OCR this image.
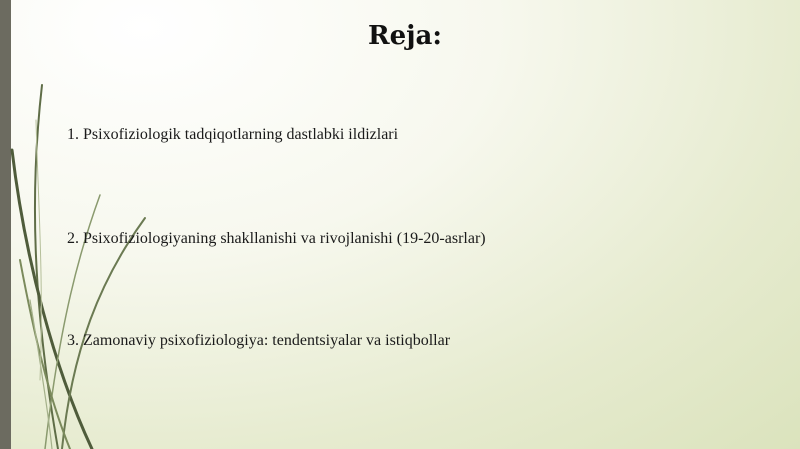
Reja:
1. Psixofiziologik tadqiqotlarning dastlabki ildizlari
2. Psixofiziologiyaning shakllanishi va rivojlanishi (19-20-asrlar)
3. Zamonaviy psixofiziologiya: tendentsiyalar va istiqbollar
